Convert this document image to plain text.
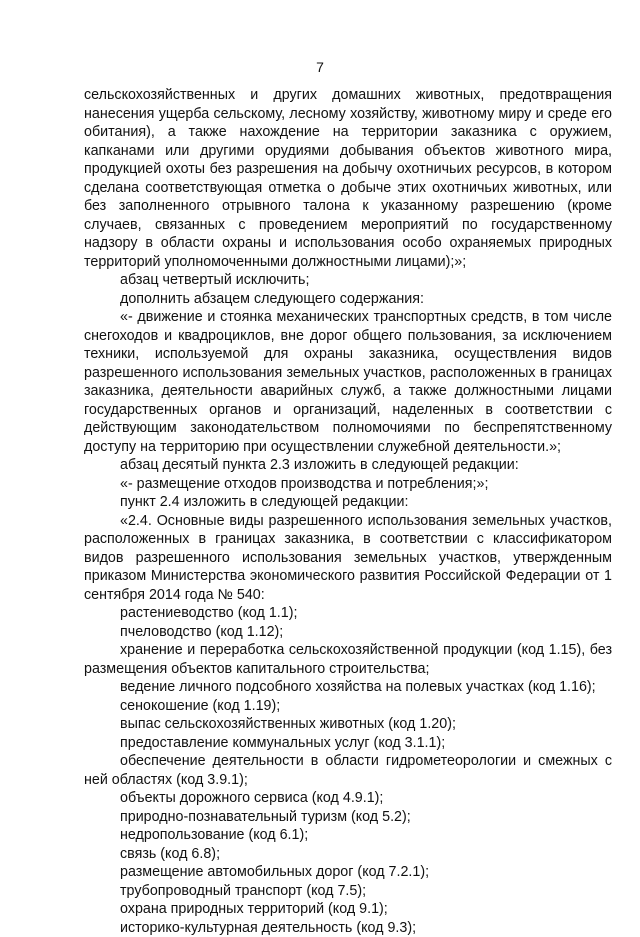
7

сельскохозяйственных и других домашних животных, предотвращения нанесения ущерба сельскому, лесному хозяйству, животному миру и среде его обитания), а также нахождение на территории заказника с оружием, капканами или другими орудиями добывания объектов животного мира, продукцией охоты без разрешения на добычу охотничьих ресурсов, в котором сделана соответствующая отметка о добыче этих охотничьих животных, или без заполненного отрывного талона к указанному разрешению (кроме случаев, связанных с проведением мероприятий по государственному надзору в области охраны и использования особо охраняемых природных территорий уполномоченными должностными лицами);»;

абзац четвертый исключить;

дополнить абзацем следующего содержания:

«- движение и стоянка механических транспортных средств, в том числе снегоходов и квадроциклов, вне дорог общего пользования, за исключением техники, используемой для охраны заказника, осуществления видов разрешенного использования земельных участков, расположенных в границах заказника, деятельности аварийных служб, а также должностными лицами государственных органов и организаций, наделенных в соответствии с действующим законодательством полномочиями по беспрепятственному доступу на территорию при осуществлении служебной деятельности.»;

абзац десятый пункта 2.3 изложить в следующей редакции:

«- размещение отходов производства и потребления;»;

пункт 2.4 изложить в следующей редакции:

«2.4. Основные виды разрешенного использования земельных участков, расположенных в границах заказника, в соответствии с классификатором видов разрешенного использования земельных участков, утвержденным приказом Министерства экономического развития Российской Федерации от 1 сентября 2014 года № 540:

растениеводство (код 1.1);

пчеловодство (код 1.12);

хранение и переработка сельскохозяйственной продукции (код 1.15), без размещения объектов капитального строительства;

ведение личного подсобного хозяйства на полевых участках (код 1.16);

сенокошение (код 1.19);

выпас сельскохозяйственных животных (код 1.20);

предоставление коммунальных услуг (код 3.1.1);

обеспечение деятельности в области гидрометеорологии и смежных с ней областях (код 3.9.1);

объекты дорожного сервиса (код 4.9.1);

природно-познавательный туризм (код 5.2);

недропользование (код 6.1);

связь (код 6.8);

размещение автомобильных дорог (код 7.2.1);

трубопроводный транспорт (код 7.5);

охрана природных территорий (код 9.1);

историко-культурная деятельность (код 9.3);
